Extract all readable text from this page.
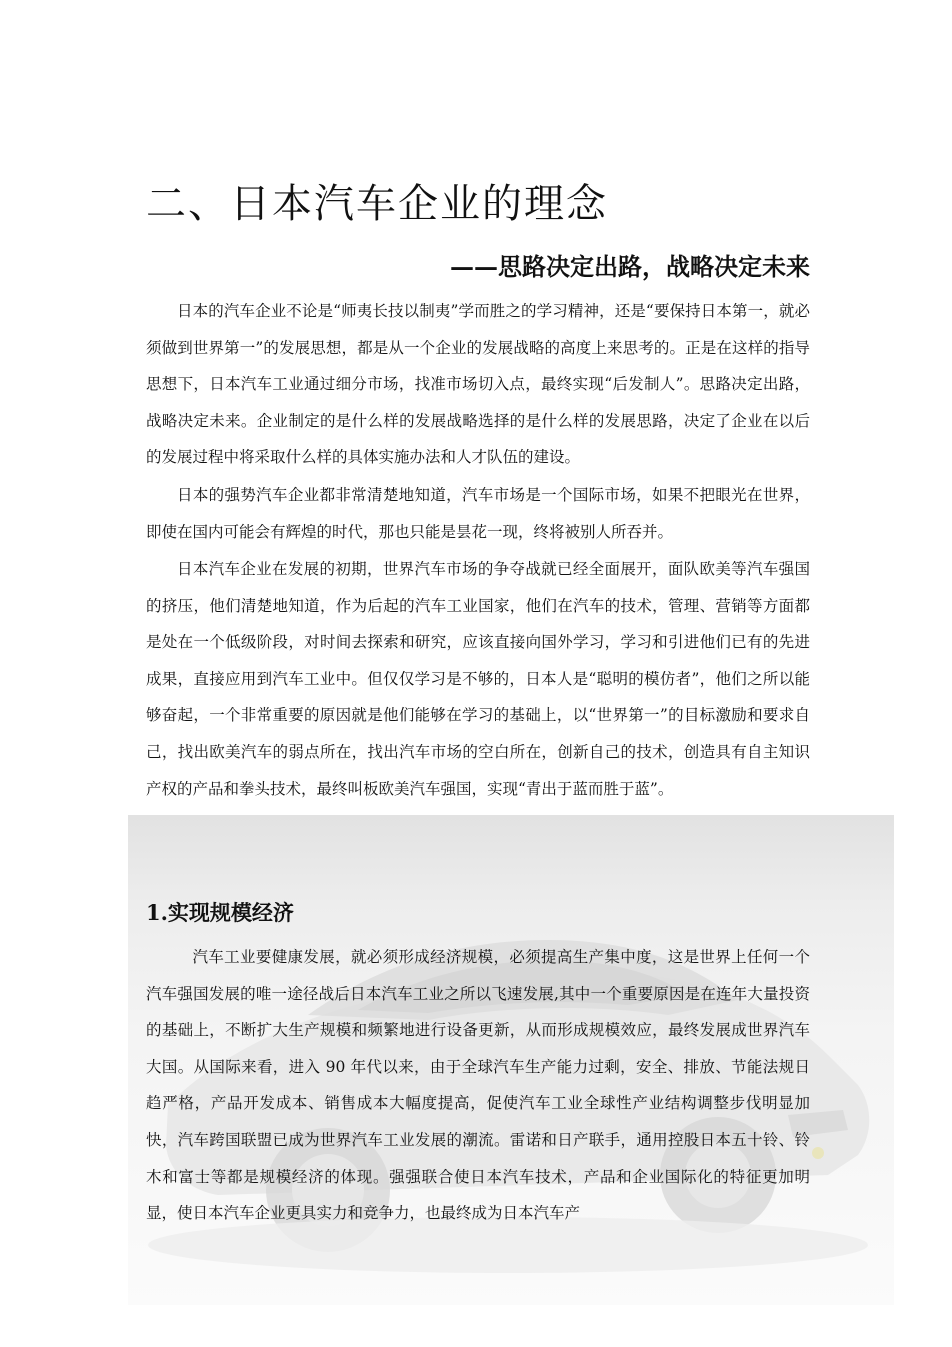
二、日本汽车企业的理念
——思路决定出路，战略决定未来

日本的汽车企业不论是“师夷长技以制夷”学而胜之的学习精神，还是“要保持日本第一，就必须做到世界第一”的发展思想，都是从一个企业的发展战略的高度上来思考的。正是在这样的指导思想下，日本汽车工业通过细分市场，找准市场切入点，最终实现“后发制人”。思路决定出路，战略决定未来。企业制定的是什么样的发展战略选择的是什么样的发展思路，决定了企业在以后的发展过程中将采取什么样的具体实施办法和人才队伍的建设。

日本的强势汽车企业都非常清楚地知道，汽车市场是一个国际市场，如果不把眼光在世界，即使在国内可能会有辉煌的时代，那也只能是昙花一现，终将被别人所吞并。

日本汽车企业在发展的初期，世界汽车市场的争夺战就已经全面展开，面队欧美等汽车强国的挤压，他们清楚地知道，作为后起的汽车工业国家，他们在汽车的技术，管理、营销等方面都是处在一个低级阶段，对时间去探索和研究，应该直接向国外学习，学习和引进他们已有的先进成果，直接应用到汽车工业中。但仅仅学习是不够的，日本人是“聪明的模仿者”，他们之所以能够奋起，一个非常重要的原因就是他们能够在学习的基础上，以“世界第一”的目标激励和要求自己，找出欧美汽车的弱点所在，找出汽车市场的空白所在，创新自己的技术，创造具有自主知识产权的产品和拳头技术，最终叫板欧美汽车强国，实现“青出于蓝而胜于蓝”。

1.实现规模经济

汽车工业要健康发展，就必须形成经济规模，必须提高生产集中度，这是世界上任何一个汽车强国发展的唯一途径战后日本汽车工业之所以飞速发展,其中一个重要原因是在连年大量投资的基础上，不断扩大生产规模和频繁地进行设备更新，从而形成规模效应，最终发展成世界汽车大国。从国际来看，进入 90 年代以来，由于全球汽车生产能力过剩，安全、排放、节能法规日趋严格，产品开发成本、销售成本大幅度提高，促使汽车工业全球性产业结构调整步伐明显加快，汽车跨国联盟已成为世界汽车工业发展的潮流。雷诺和日产联手，通用控股日本五十铃、铃木和富士等都是规模经济的体现。强强联合使日本汽车技术，产品和企业国际化的特征更加明显，使日本汽车企业更具实力和竞争力，也最终成为日本汽车产
